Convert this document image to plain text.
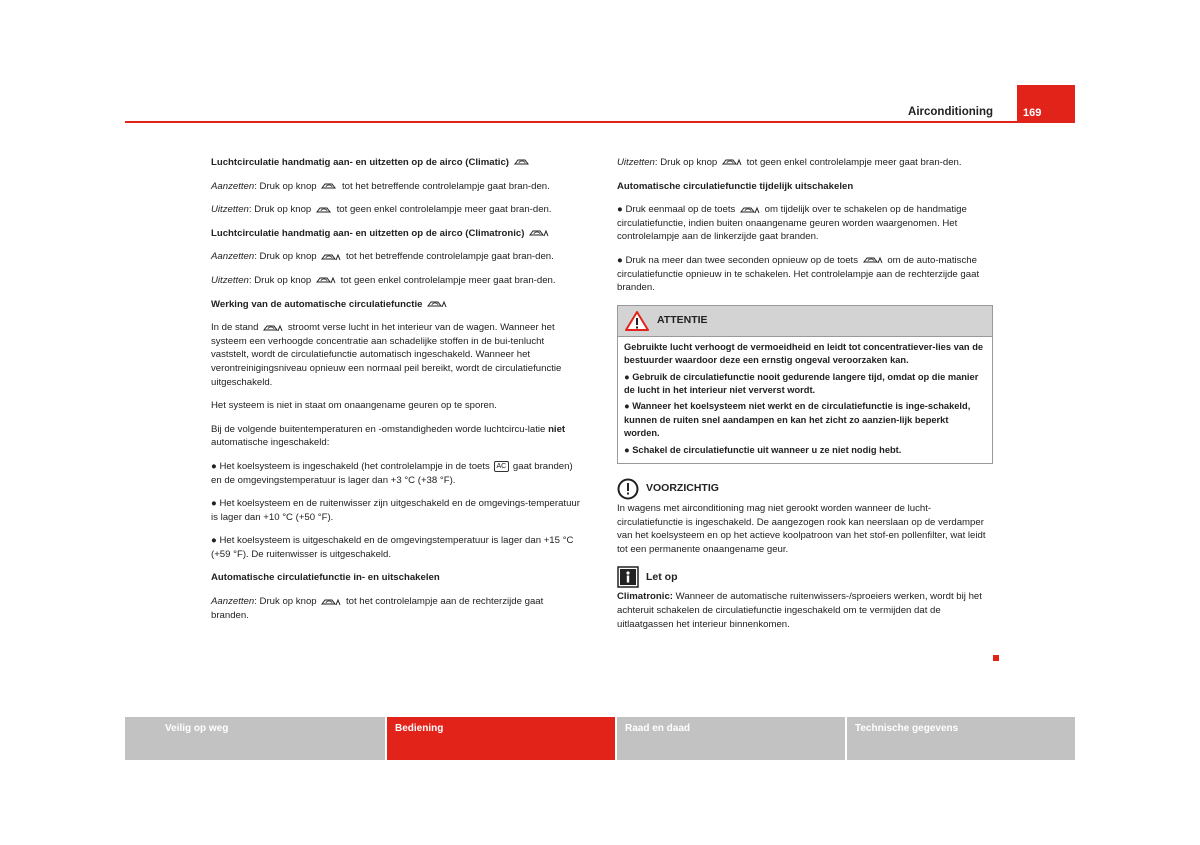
Airconditioning	169

Luchtcirculatie handmatig aan- en uitzetten op de airco (Climatic)

Aanzetten: Druk op knop	tot het betreffende controlelampje gaat bran-den.

Uitzetten: Druk op knop	tot geen enkel controlelampje meer gaat bran-den.

Luchtcirculatie handmatig aan- en uitzetten op de airco (Climatronic)

Aanzetten: Druk op knop	tot het betreffende controlelampje gaat bran-den.

Uitzetten: Druk op knop	tot geen enkel controlelampje meer gaat bran-den.

Werking van de automatische circulatiefunctie

In de stand	stroomt verse lucht in het interieur van de wagen. Wanneer het systeem een verhoogde concentratie aan schadelijke stoffen in de bui-tenlucht vaststelt, wordt de circulatiefunctie automatisch ingeschakeld. Wanneer het verontreinigingsniveau opnieuw een normaal peil bereikt, wordt de circulatiefunctie uitgeschakeld.

Het systeem is niet in staat om onaangename geuren op te sporen.

Bij de volgende buitentemperaturen en -omstandigheden worde luchtcircu-latie niet automatische ingeschakeld:

● Het koelsysteem is ingeschakeld (het controlelampje in de toets AC gaat branden) en de omgevingstemperatuur is lager dan +3 °C (+38 °F).

● Het koelsysteem en de ruitenwisser zijn uitgeschakeld en de omgevings-temperatuur is lager dan +10 °C (+50 °F).

● Het koelsysteem is uitgeschakeld en de omgevingstemperatuur is lager dan +15 °C (+59 °F). De ruitenwisser is uitgeschakeld.

Automatische circulatiefunctie in- en uitschakelen

Aanzetten: Druk op knop	tot het controlelampje aan de rechterzijde gaat branden.

Uitzetten: Druk op knop	tot geen enkel controlelampje meer gaat bran-den.

Automatische circulatiefunctie tijdelijk uitschakelen

● Druk eenmaal op de toets	om tijdelijk over te schakelen op de handmatige circulatiefunctie, indien buiten onaangename geuren worden waargenomen. Het controlelampje aan de linkerzijde gaat branden.

● Druk na meer dan twee seconden opnieuw op de toets	om de auto-matische circulatiefunctie opnieuw in te schakelen. Het controlelampje aan de rechterzijde gaat branden.

ATTENTIE

Gebruikte lucht verhoogt de vermoeidheid en leidt tot concentratiever-lies van de bestuurder waardoor deze een ernstig ongeval veroorzaken kan.

● Gebruik de circulatiefunctie nooit gedurende langere tijd, omdat op die manier de lucht in het interieur niet ververst wordt.

● Wanneer het koelsysteem niet werkt en de circulatiefunctie is inge-schakeld, kunnen de ruiten snel aandampen en kan het zicht zo aanzien-lijk beperkt worden.

● Schakel de circulatiefunctie uit wanneer u ze niet nodig hebt.

VOORZICHTIG

In wagens met airconditioning mag niet gerookt worden wanneer de lucht-circulatiefunctie is ingeschakeld. De aangezogen rook kan neerslaan op de verdamper van het koelsysteem en op het actieve koolpatroon van het stof-en pollenfilter, wat leidt tot een permanente onaangename geur.

Let op

Climatronic: Wanneer de automatische ruitenwissers-/sproeiers werken, wordt bij het achteruit schakelen de circulatiefunctie ingeschakeld om te vermijden dat de uitlaatgassen het interieur binnenkomen.

Veilig op weg	Bediening	Raad en daad	Technische gegevens
